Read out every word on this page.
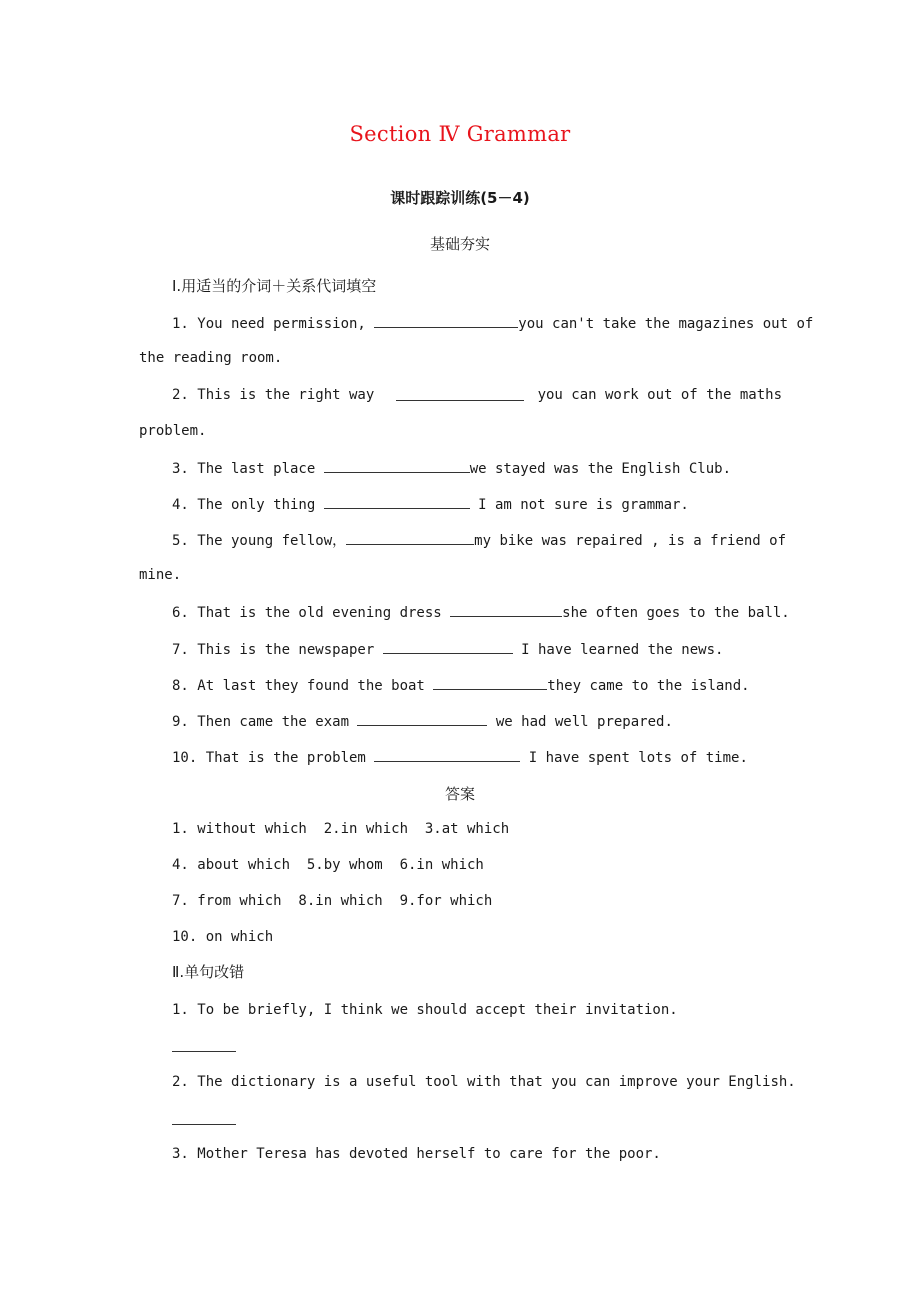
Section Ⅳ Grammar
课时跟踪训练(5－4)
基础夯实
Ⅰ.用适当的介词＋关系代词填空
1. You need permission,	you can't take the magazines out of
the reading room.
2. This is the right way	you can work out of the maths
problem.
3. The last place	we stayed was the English Club.
4. The only thing	I am not sure is grammar.
5. The young fellow，	my bike was repaired , is a friend of
mine.
6. That is the old evening dress	she often goes to the ball.
7. This is the newspaper	I have learned the news.
8. At last they found the boat	they came to the island.
9. Then came the exam	we had well prepared.
10. That is the problem	I have spent lots of time.
答案
1. without which  2.in which  3.at which
4. about which  5.by whom  6.in which
7. from which  8.in which  9.for which
10. on which
Ⅱ.单句改错
1. To be briefly, I think we should accept their invitation.
2. The dictionary is a useful tool with that you can improve your English.
3. Mother Teresa has devoted herself to care for the poor.
